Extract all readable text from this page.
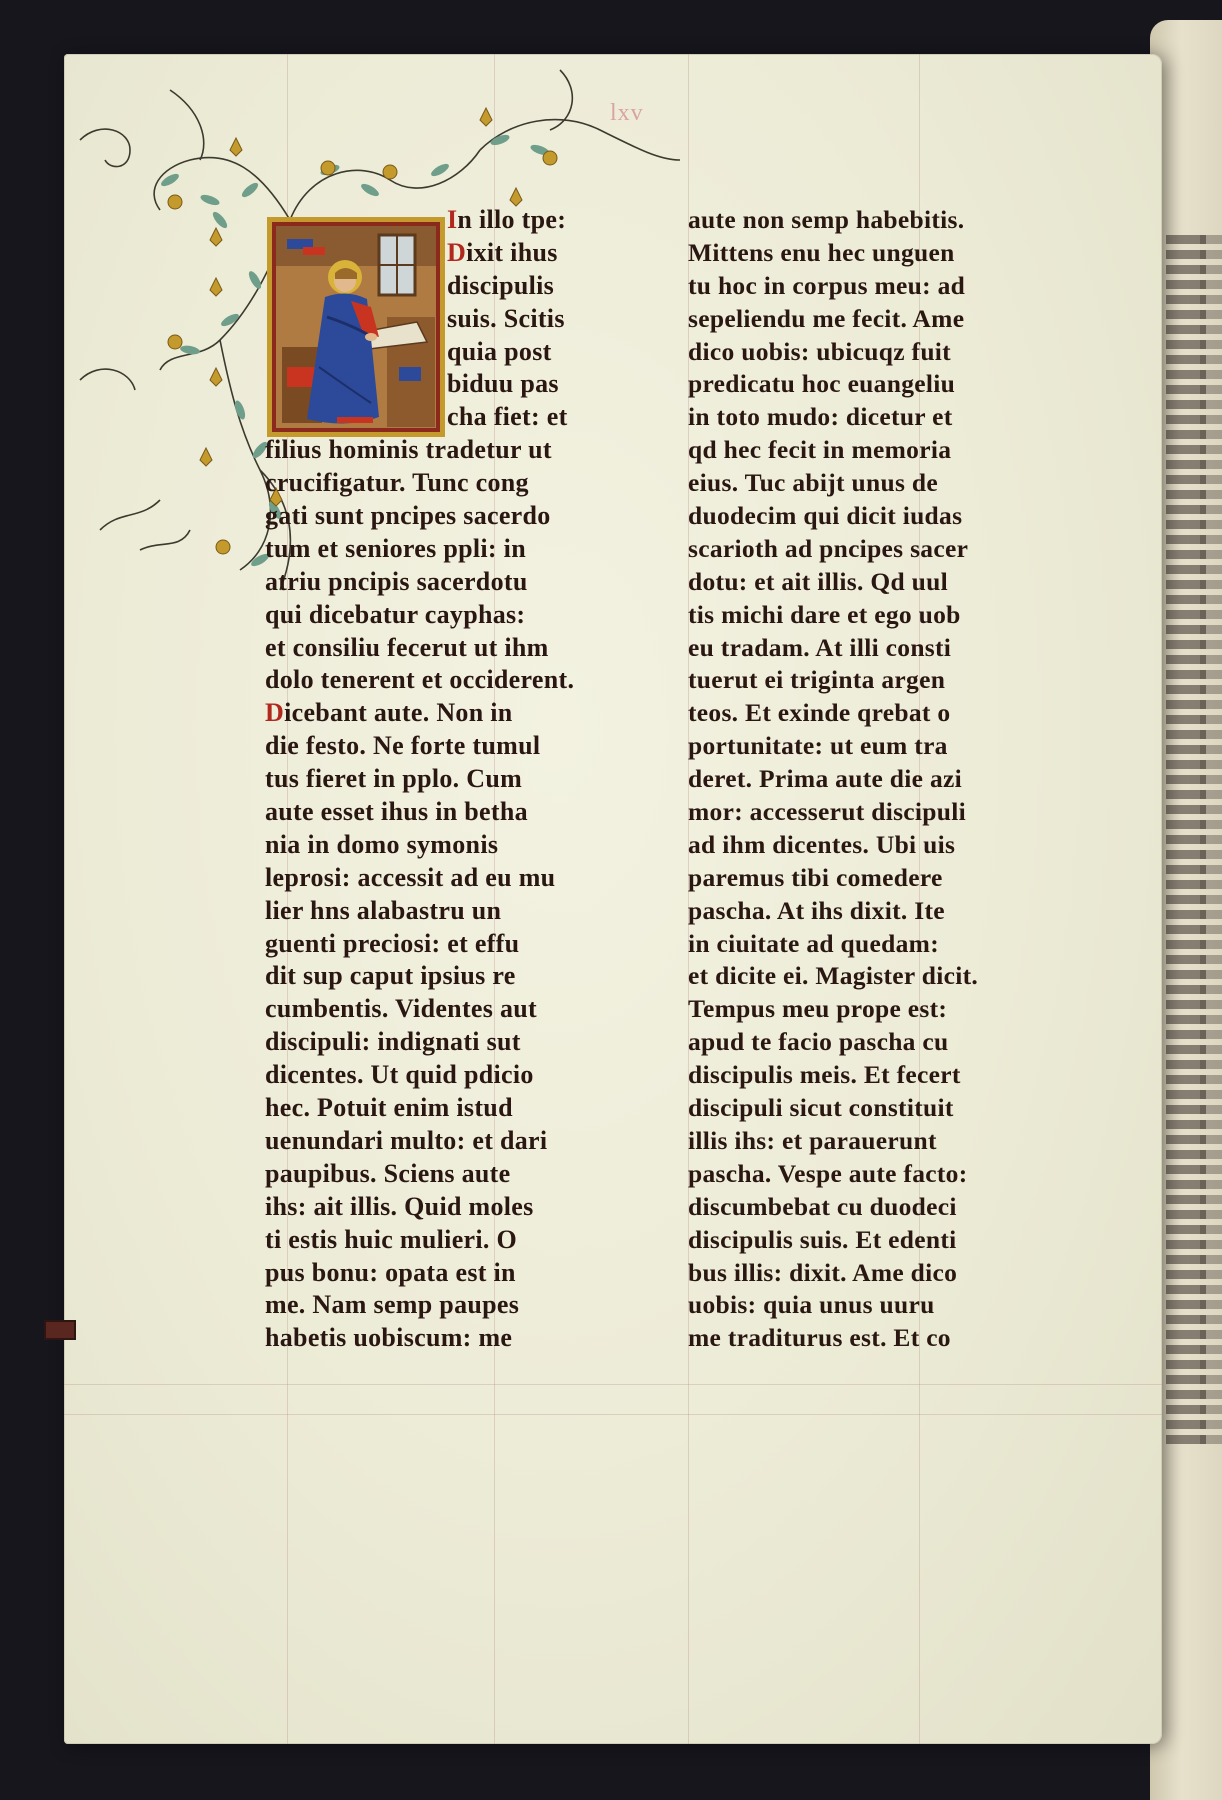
lxv
In illo tpe:
Dixit ihus
discipulis
suis. Scitis
quia post
biduu pas
cha fiet: et
filius hominis tradetur ut
crucifigatur. Tunc cong
gati sunt pncipes sacerdo
tum et seniores ppli: in
atriu pncipis sacerdotu
qui dicebatur cayphas:
et consiliu fecerut ut ihm
dolo tenerent et occiderent.
Dicebant aute. Non in
die festo. Ne forte tumul
tus fieret in pplo. Cum
aute esset ihus in betha
nia in domo symonis
leprosi: accessit ad eu mu
lier hns alabastru un
guenti preciosi: et effu
dit sup caput ipsius re
cumbentis. Videntes aut
discipuli: indignati sut
dicentes. Ut quid pdicio
hec. Potuit enim istud
uenundari multo: et dari
paupibus. Sciens aute
ihs: ait illis. Quid moles
ti estis huic mulieri. O
pus bonu: opata est in
me. Nam semp paupes
habetis uobiscum: me
aute non semp habebitis.
Mittens enu hec unguen
tu hoc in corpus meu: ad
sepeliendu me fecit. Ame
dico uobis: ubicuqz fuit
predicatu hoc euangeliu
in toto mudo: dicetur et
qd hec fecit in memoria
eius. Tuc abijt unus de
duodecim qui dicit iudas
scarioth ad pncipes sacer
dotu: et ait illis. Qd uul
tis michi dare et ego uob
eu tradam. At illi consti
tuerut ei triginta argen
teos. Et exinde qrebat o
portunitate: ut eum tra
deret. Prima aute die azi
mor: accesserut discipuli
ad ihm dicentes. Ubi uis
paremus tibi comedere
pascha. At ihs dixit. Ite
in ciuitate ad quedam:
et dicite ei. Magister dicit.
Tempus meu prope est:
apud te facio pascha cu
discipulis meis. Et fecert
discipuli sicut constituit
illis ihs: et parauerunt
pascha. Vespe aute facto:
discumbebat cu duodeci
discipulis suis. Et edenti
bus illis: dixit. Ame dico
uobis: quia unus uuru
me traditurus est. Et co
